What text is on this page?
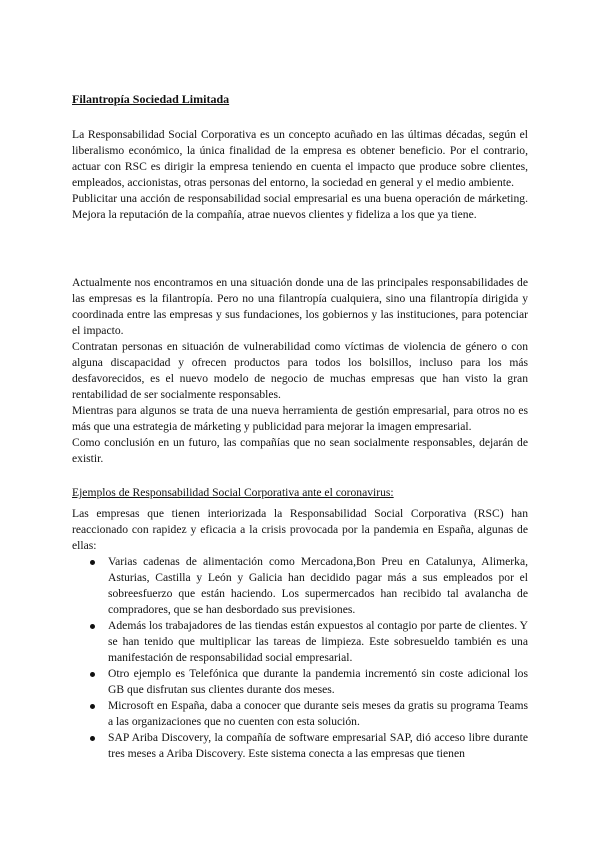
Filantropía Sociedad Limitada

La Responsabilidad Social Corporativa es un concepto acuñado en las últimas décadas, según el liberalismo económico, la única finalidad de la empresa es obtener beneficio. Por el contrario, actuar con RSC es dirigir la empresa teniendo en cuenta el impacto que produce sobre clientes, empleados, accionistas, otras personas del entorno, la sociedad en general y el medio ambiente.

Publicitar una acción de responsabilidad social empresarial es una buena operación de márketing. Mejora la reputación de la compañía, atrae nuevos clientes y fideliza a los que ya tiene.

Actualmente nos encontramos en una situación donde una de las principales responsabilidades de las empresas es la filantropía. Pero no una filantropía cualquiera, sino una filantropía dirigida y coordinada entre las empresas y sus fundaciones, los gobiernos y las instituciones, para potenciar el impacto.

Contratan personas en situación de vulnerabilidad como víctimas de violencia de género o con alguna discapacidad y ofrecen productos para todos los bolsillos, incluso para los más desfavorecidos, es el nuevo modelo de negocio de muchas empresas que han visto la gran rentabilidad de ser socialmente responsables.

Mientras para algunos se trata de una nueva herramienta de gestión empresarial, para otros no es más que una estrategia de márketing y publicidad para mejorar la imagen empresarial.

Como conclusión en un futuro, las compañías que no sean socialmente responsables, dejarán de existir.

Ejemplos de Responsabilidad Social Corporativa ante el coronavirus:

Las empresas que tienen interiorizada la Responsabilidad Social Corporativa (RSC) han reaccionado con rapidez y eficacia a la crisis provocada por la pandemia en España, algunas de ellas:

Varias cadenas de alimentación como Mercadona,Bon Preu en Catalunya, Alimerka, Asturias, Castilla y León y Galicia han decidido pagar más a sus empleados por el sobreesfuerzo que están haciendo. Los supermercados han recibido tal avalancha de compradores, que se han desbordado sus previsiones.
Además los trabajadores de las tiendas están expuestos al contagio por parte de clientes. Y se han tenido que multiplicar las tareas de limpieza. Este sobresueldo también es una manifestación de responsabilidad social empresarial.
Otro ejemplo es Telefónica que durante la pandemia incrementó sin coste adicional los GB que disfrutan sus clientes durante dos meses.
Microsoft en España, daba a conocer que durante seis meses da gratis su programa Teams a las organizaciones que no cuenten con esta solución.
SAP Ariba Discovery, la compañía de software empresarial SAP, dió acceso libre durante tres meses a Ariba Discovery. Este sistema conecta a las empresas que tienen
